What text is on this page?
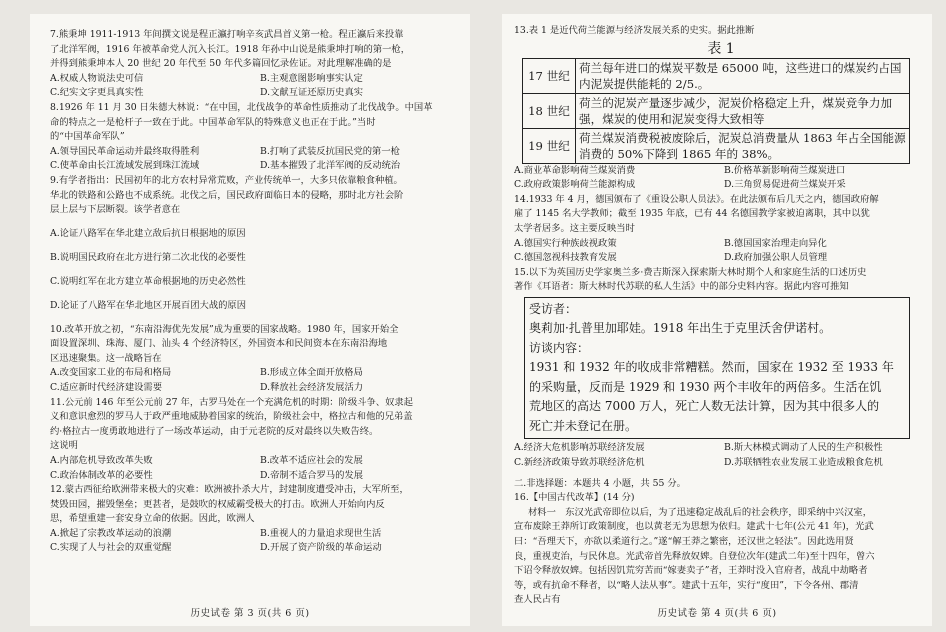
7.熊秉坤 1911-1913 年间撰文说是程正瀛打响辛亥武昌首义第一枪。程正瀛后来投靠

了北洋军阀，1916 年被革命党人沉入长江。1918 年孙中山说是熊秉坤打响的第一枪，

并得到熊秉坤本人 20 世纪 20 年代至 50 年代多篇回忆录佐证。对此理解准确的是

A.权威人物说法史可信	B.主观意图影响事实认定
C.纪实文字更具真实性	D.文献互证还原历史真实

8.1926 年 11 月 30 日朱德大林说：“在中国，北伐战争的革命性质推动了北伐战争。中国革

命的特点之一是枪杆子一致在于此。中国革命军队的特殊意义也正在于此。”当时

的“中国革命军队”

A.领导国民革命运动并最终取得胜利	B.打响了武装反抗国民党的第一枪
C.使革命由长江流域发展到珠江流域	D.基本摧毁了北洋军阀的反动统治

9.有学者指出：民国初年的北方农村异常荒败，产业传统单一，大多只依靠粮食种植。

华北的铁路和公路也不成系统。北伐之后，国民政府面临日本的侵略，那时北方社会阶

层上层与下层断裂。该学者意在

A.论证八路军在华北建立敌后抗日根据地的原因

B.说明国民政府在北方进行第二次北伐的必要性

C.说明红军在北方建立革命根据地的历史必然性

D.论证了八路军在华北地区开展百团大战的原因

10.改革开放之初，“东南沿海优先发展”成为重要的国家战略。1980 年，国家开始全

面设置深圳、珠海、厦门、汕头 4 个经济特区，外国资本和民间资本在东南沿海地

区迅速聚集。这一战略旨在

A.改变国家工业的布局和格局	B.形成立体全面开放格局
C.适应新时代经济建设需要	D.释放社会经济发展活力

11.公元前 146 年至公元前 27 年，古罗马处在一个充满危机的时期：阶级斗争、奴隶起

义和意识愈烈的罗马人于政严重地威胁着国家的统治，阶级社会中，格拉古和他的兄弟盖

约·格拉古一度勇敢地进行了一场改革运动，由于元老院的反对最终以失败告终。

这说明

A.内部危机导致改革失败	B.改革不适应社会的发展
C.政治体制改革的必要性	D.帝制不适合罗马的发展

12.蒙古西征给欧洲带来极大的灾难：欧洲被扑杀大片，封建制度遭受冲击，大军所至，

焚毁田园，摧毁堡垒；更甚者，是鼓吹的权威霸受极大的打击。欧洲人开始向内反

思，希望重建一套安身立命的依据。因此，欧洲人

A.掀起了宗教改革运动的浪潮	B.重视人的力量追求现世生活
C.实现了人与社会的双重觉醒	D.开展了资产阶级的革命运动
历史试卷 第 3 页(共 6 页)

13.表 1 是近代荷兰能源与经济发展关系的史实。据此推断

表 1

17 世纪	荷兰每年进口的煤炭平数是 65000 吨，这些进口的煤炭约占国内泥炭提供能耗的 2/5.。
18 世纪	荷兰的泥炭产量逐步减少，泥炭价格稳定上升，煤炭竞争力加强，煤炭的使用和泥炭变得大致相等
19 世纪	荷兰煤炭消费税被废除后，泥炭总消费量从 1863 年占全国能源消费的 50%下降到 1865 年的 38%。
A.商业革命影响荷兰煤炭消费	B.价格革新影响荷兰煤炭进口
C.政府政策影响荷兰能源构成	D.三角贸易促进荷兰煤炭开采

14.1933 年 4 月，德国颁布了《重设公职人员法》。在此法颁布后几天之内，德国政府解

雇了 1145 名大学教师；截至 1935 年底，已有 44 名德国教学家被迫离职，其中以犹

太学者居多。这主要反映当时

A.德国实行种族歧视政策	B.德国国家治理走向异化
C.德国忽视科技教育发展	D.政府加强公职人员管理

15.以下为英国历史学家奥兰多·费吉斯深入探索斯大林时期个人和家庭生活的口述历史

著作《耳语者：斯大林时代苏联的私人生活》中的部分史料内容。据此内容可推知

受访者：
奥莉加·扎普里加耶娃。1918 年出生于克里沃舍伊诺村。
访谈内容：
1931 和 1932 年的收成非常糟糕。然而，国家在 1932 至 1933 年
的采购量，反而是 1929 和 1930 两个丰收年的两倍多。生活在饥
荒地区的高达 7000 万人，死亡人数无法计算，因为其中很多人的
死亡并未登记在册。
A.经济大危机影响苏联经济发展	B.斯大林模式调动了人民的生产积极性
C.新经济政策导致苏联经济危机	D.苏联牺牲农业发展工业造成粮食危机

二.非选择题：本题共 4 小题，共 55 分。

16.【中国古代改革】(14 分)

材料一　东汉光武帝即位以后，为了迅速稳定战乱后的社会秩序，即采纳中兴汉室，

宣布废除王莽所订政策制度，也以黄老无为思想为依归。建武十七年(公元 41 年)，光武

曰：“吾理天下，亦欲以柔道行之。”遂“解王莽之繁密，还汉世之轻法”。因此选用贤

良，重视吏治，与民休息。光武帝首先释放奴婢。自登位次年(建武二年)至十四年，曾六

下诏令释放奴婢。包括因饥荒穷苦而“嫁妻卖子”者，王莽时没入官府者，战乱中劫略者

等，或有抗命不释者，以“略人法从事”。建武十五年，实行“度田”，下令各州、郡清

查人民占有

历史试卷 第 4 页(共 6 页)
